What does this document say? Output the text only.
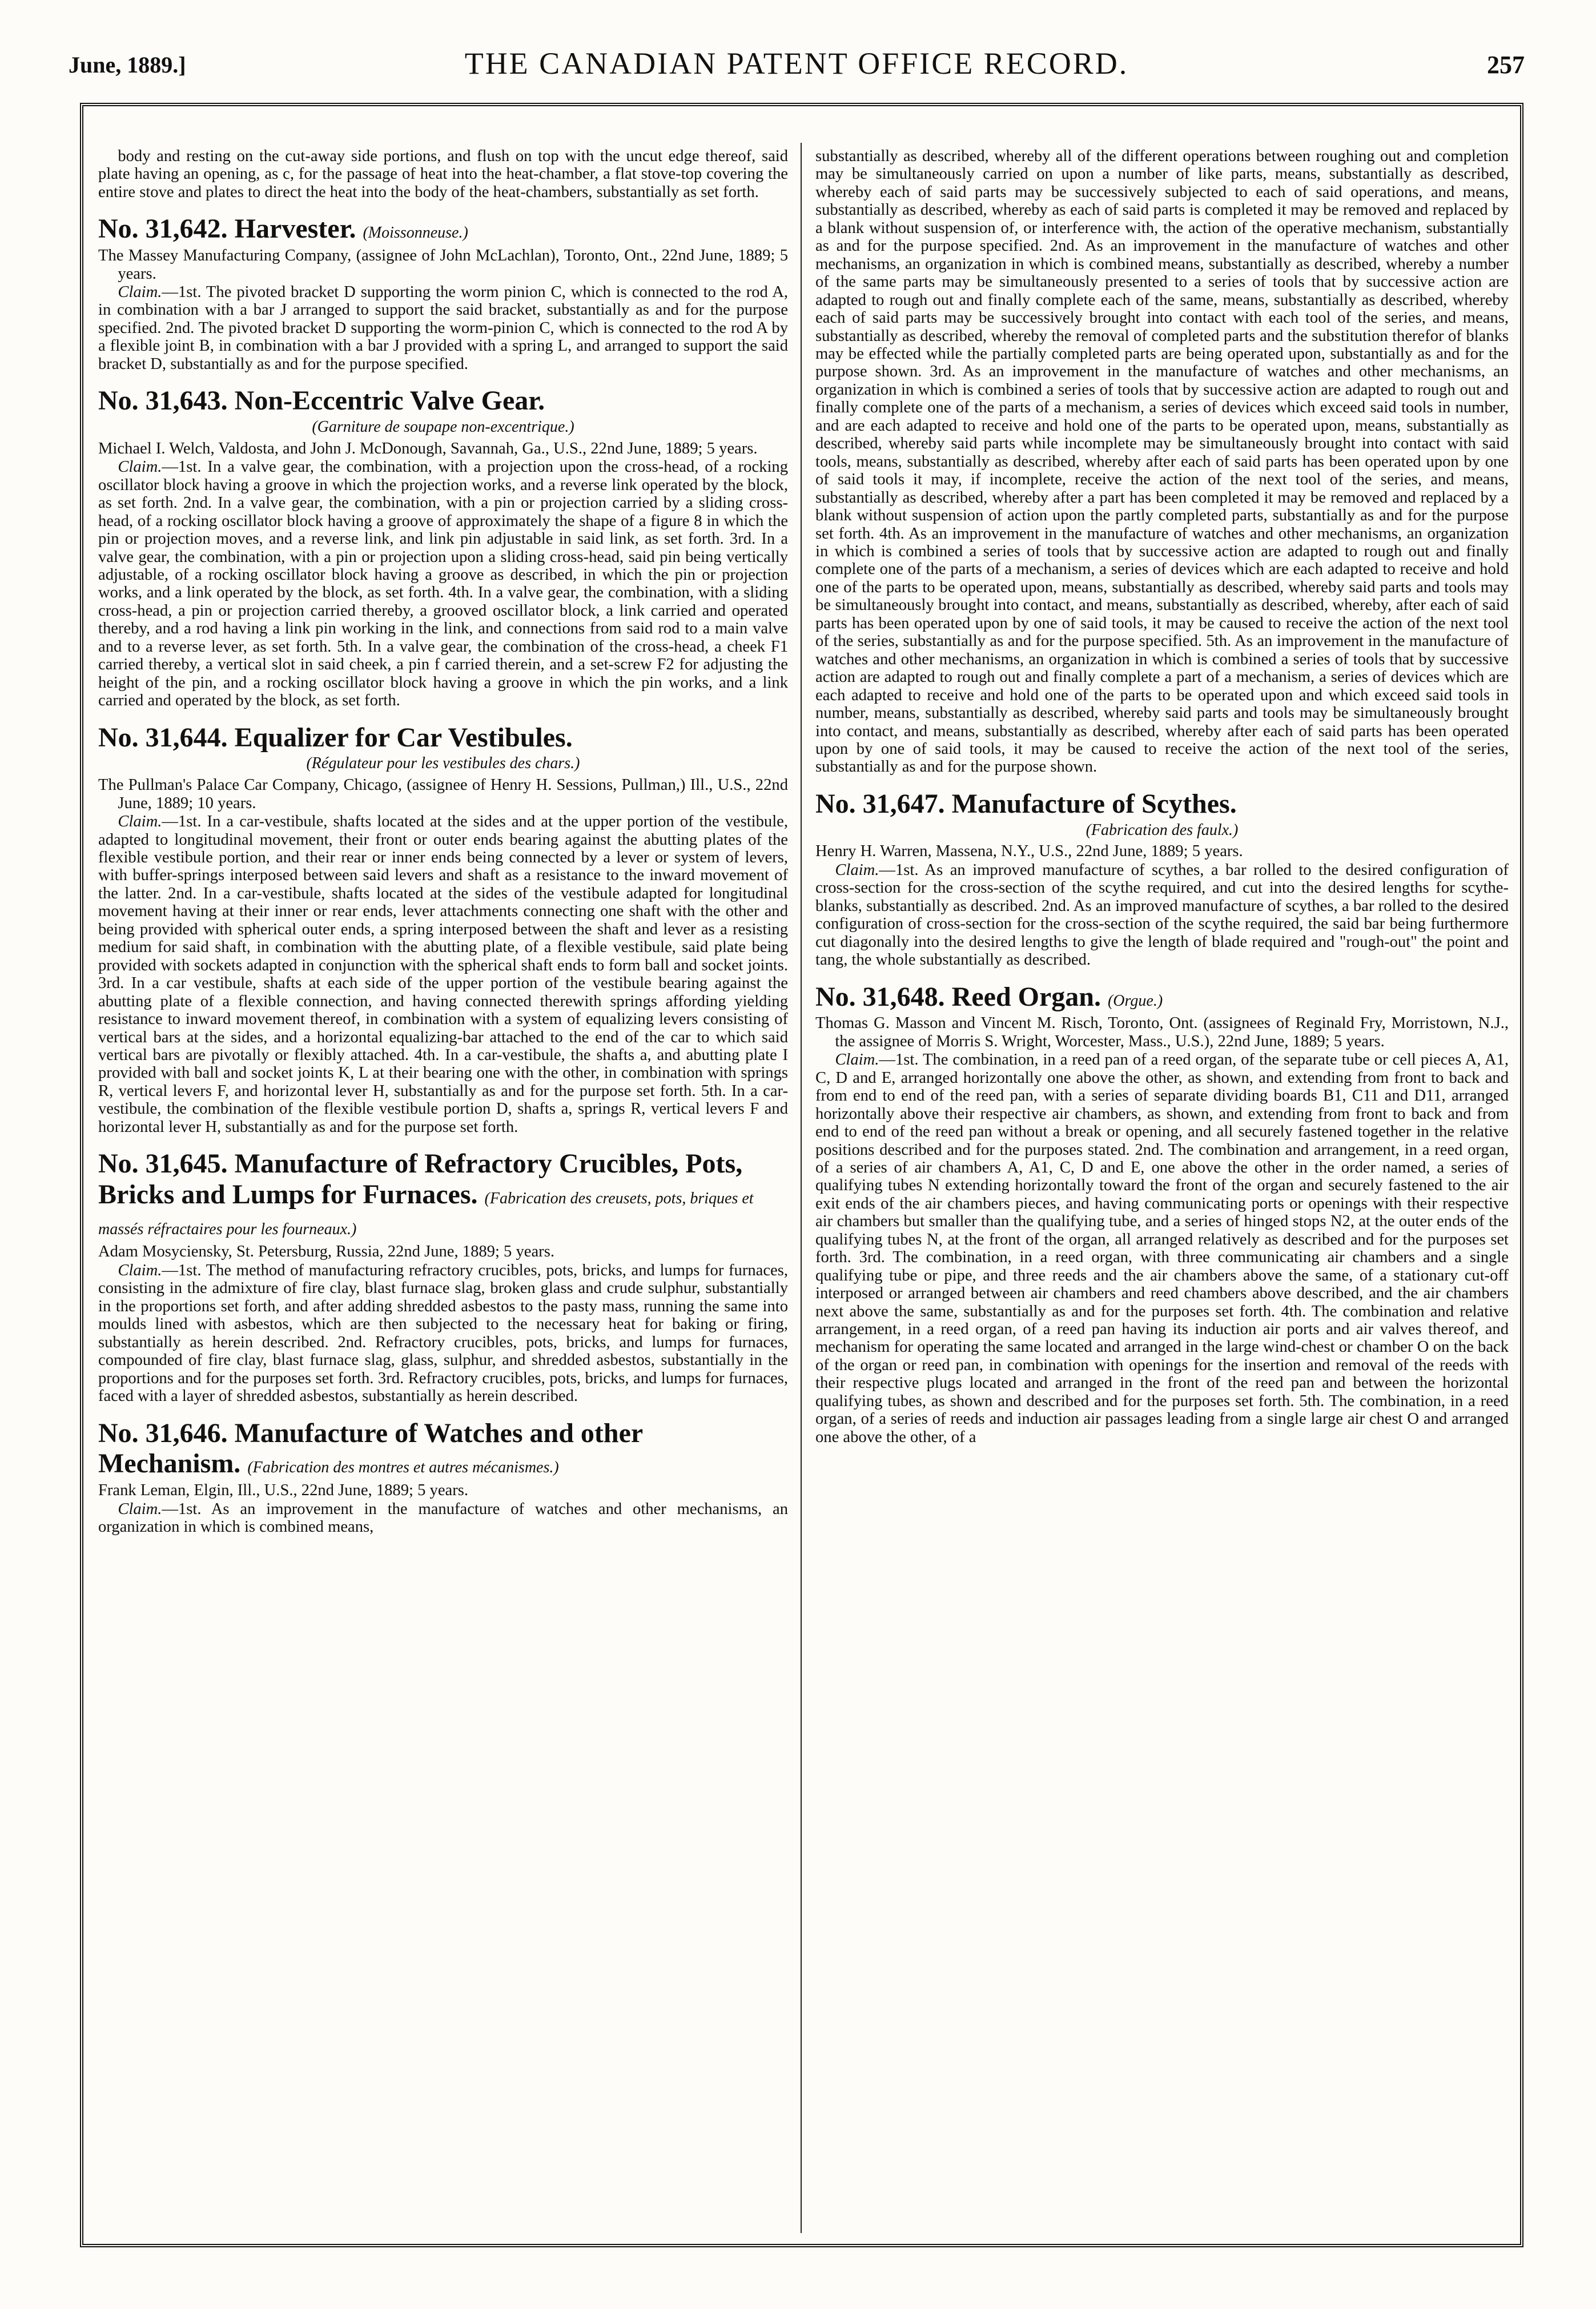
June, 1889.]	THE CANADIAN PATENT OFFICE RECORD.	257

body and resting on the cut-away side portions, and flush on top with the uncut edge thereof, said plate having an opening, as c, for the passage of heat into the heat-chamber, a flat stove-top covering the entire stove and plates to direct the heat into the body of the heat-chambers, substantially as set forth.

No. 31,642. Harvester. (Moissonneuse.)

The Massey Manufacturing Company, (assignee of John McLachlan), Toronto, Ont., 22nd June, 1889; 5 years.

Claim.—1st. The pivoted bracket D supporting the worm pinion C, which is connected to the rod A, in combination with a bar J arranged to support the said bracket, substantially as and for the purpose specified. 2nd. The pivoted bracket D supporting the worm-pinion C, which is connected to the rod A by a flexible joint B, in combination with a bar J provided with a spring L, and arranged to support the said bracket D, substantially as and for the purpose specified.

No. 31,643. Non-Eccentric Valve Gear.

(Garniture de soupape non-excentrique.)

Michael I. Welch, Valdosta, and John J. McDonough, Savannah, Ga., U.S., 22nd June, 1889; 5 years.

Claim.—1st. In a valve gear, the combination, with a projection upon the cross-head, of a rocking oscillator block having a groove in which the projection works, and a reverse link operated by the block, as set forth. 2nd. In a valve gear, the combination, with a pin or projection carried by a sliding cross-head, of a rocking oscillator block having a groove of approximately the shape of a figure 8 in which the pin or projection moves, and a reverse link, and link pin adjustable in said link, as set forth. 3rd. In a valve gear, the combination, with a pin or projection upon a sliding cross-head, said pin being vertically adjustable, of a rocking oscillator block having a groove as described, in which the pin or projection works, and a link operated by the block, as set forth. 4th. In a valve gear, the combination, with a sliding cross-head, a pin or projection carried thereby, a grooved oscillator block, a link carried and operated thereby, and a rod having a link pin working in the link, and connections from said rod to a main valve and to a reverse lever, as set forth. 5th. In a valve gear, the combination of the cross-head, a cheek F1 carried thereby, a vertical slot in said cheek, a pin f carried therein, and a set-screw F2 for adjusting the height of the pin, and a rocking oscillator block having a groove in which the pin works, and a link carried and operated by the block, as set forth.

No. 31,644. Equalizer for Car Vestibules.

(Régulateur pour les vestibules des chars.)

The Pullman's Palace Car Company, Chicago, (assignee of Henry H. Sessions, Pullman,) Ill., U.S., 22nd June, 1889; 10 years.

Claim.—1st. In a car-vestibule, shafts located at the sides and at the upper portion of the vestibule, adapted to longitudinal movement, their front or outer ends bearing against the abutting plates of the flexible vestibule portion, and their rear or inner ends being connected by a lever or system of levers, with buffer-springs interposed between said levers and shaft as a resistance to the inward movement of the latter. 2nd. In a car-vestibule, shafts located at the sides of the vestibule adapted for longitudinal movement having at their inner or rear ends, lever attachments connecting one shaft with the other and being provided with spherical outer ends, a spring interposed between the shaft and lever as a resisting medium for said shaft, in combination with the abutting plate, of a flexible vestibule, said plate being provided with sockets adapted in conjunction with the spherical shaft ends to form ball and socket joints. 3rd. In a car vestibule, shafts at each side of the upper portion of the vestibule bearing against the abutting plate of a flexible connection, and having connected therewith springs affording yielding resistance to inward movement thereof, in combination with a system of equalizing levers consisting of vertical bars at the sides, and a horizontal equalizing-bar attached to the end of the car to which said vertical bars are pivotally or flexibly attached. 4th. In a car-vestibule, the shafts a, and abutting plate I provided with ball and socket joints K, L at their bearing one with the other, in combination with springs R, vertical levers F, and horizontal lever H, substantially as and for the purpose set forth. 5th. In a car-vestibule, the combination of the flexible vestibule portion D, shafts a, springs R, vertical levers F and horizontal lever H, substantially as and for the purpose set forth.

No. 31,645. Manufacture of Refractory Crucibles, Pots, Bricks and Lumps for Furnaces. (Fabrication des creusets, pots, briques et massés réfractaires pour les fourneaux.)

Adam Mosyciensky, St. Petersburg, Russia, 22nd June, 1889; 5 years.

Claim.—1st. The method of manufacturing refractory crucibles, pots, bricks, and lumps for furnaces, consisting in the admixture of fire clay, blast furnace slag, broken glass and crude sulphur, substantially in the proportions set forth, and after adding shredded asbestos to the pasty mass, running the same into moulds lined with asbestos, which are then subjected to the necessary heat for baking or firing, substantially as herein described. 2nd. Refractory crucibles, pots, bricks, and lumps for furnaces, compounded of fire clay, blast furnace slag, glass, sulphur, and shredded asbestos, substantially in the proportions and for the purposes set forth. 3rd. Refractory crucibles, pots, bricks, and lumps for furnaces, faced with a layer of shredded asbestos, substantially as herein described.

No. 31,646. Manufacture of Watches and other Mechanism. (Fabrication des montres et autres mécanismes.)

Frank Leman, Elgin, Ill., U.S., 22nd June, 1889; 5 years.

Claim.—1st. As an improvement in the manufacture of watches and other mechanisms, an organization in which is combined means,

substantially as described, whereby all of the different operations between roughing out and completion may be simultaneously carried on upon a number of like parts, means, substantially as described, whereby each of said parts may be successively subjected to each of said operations, and means, substantially as described, whereby as each of said parts is completed it may be removed and replaced by a blank without suspension of, or interference with, the action of the operative mechanism, substantially as and for the purpose specified. 2nd. As an improvement in the manufacture of watches and other mechanisms, an organization in which is combined means, substantially as described, whereby a number of the same parts may be simultaneously presented to a series of tools that by successive action are adapted to rough out and finally complete each of the same, means, substantially as described, whereby each of said parts may be successively brought into contact with each tool of the series, and means, substantially as described, whereby the removal of completed parts and the substitution therefor of blanks may be effected while the partially completed parts are being operated upon, substantially as and for the purpose shown. 3rd. As an improvement in the manufacture of watches and other mechanisms, an organization in which is combined a series of tools that by successive action are adapted to rough out and finally complete one of the parts of a mechanism, a series of devices which exceed said tools in number, and are each adapted to receive and hold one of the parts to be operated upon, means, substantially as described, whereby said parts while incomplete may be simultaneously brought into contact with said tools, means, substantially as described, whereby after each of said parts has been operated upon by one of said tools it may, if incomplete, receive the action of the next tool of the series, and means, substantially as described, whereby after a part has been completed it may be removed and replaced by a blank without suspension of action upon the partly completed parts, substantially as and for the purpose set forth. 4th. As an improvement in the manufacture of watches and other mechanisms, an organization in which is combined a series of tools that by successive action are adapted to rough out and finally complete one of the parts of a mechanism, a series of devices which are each adapted to receive and hold one of the parts to be operated upon, means, substantially as described, whereby said parts and tools may be simultaneously brought into contact, and means, substantially as described, whereby, after each of said parts has been operated upon by one of said tools, it may be caused to receive the action of the next tool of the series, substantially as and for the purpose specified. 5th. As an improvement in the manufacture of watches and other mechanisms, an organization in which is combined a series of tools that by successive action are adapted to rough out and finally complete a part of a mechanism, a series of devices which are each adapted to receive and hold one of the parts to be operated upon and which exceed said tools in number, means, substantially as described, whereby said parts and tools may be simultaneously brought into contact, and means, substantially as described, whereby after each of said parts has been operated upon by one of said tools, it may be caused to receive the action of the next tool of the series, substantially as and for the purpose shown.

No. 31,647. Manufacture of Scythes.

(Fabrication des faulx.)

Henry H. Warren, Massena, N.Y., U.S., 22nd June, 1889; 5 years.

Claim.—1st. As an improved manufacture of scythes, a bar rolled to the desired configuration of cross-section for the cross-section of the scythe required, and cut into the desired lengths for scythe-blanks, substantially as described. 2nd. As an improved manufacture of scythes, a bar rolled to the desired configuration of cross-section for the cross-section of the scythe required, the said bar being furthermore cut diagonally into the desired lengths to give the length of blade required and "rough-out" the point and tang, the whole substantially as described.

No. 31,648. Reed Organ. (Orgue.)

Thomas G. Masson and Vincent M. Risch, Toronto, Ont. (assignees of Reginald Fry, Morristown, N.J., the assignee of Morris S. Wright, Worcester, Mass., U.S.), 22nd June, 1889; 5 years.

Claim.—1st. The combination, in a reed pan of a reed organ, of the separate tube or cell pieces A, A1, C, D and E, arranged horizontally one above the other, as shown, and extending from front to back and from end to end of the reed pan, with a series of separate dividing boards B1, C11 and D11, arranged horizontally above their respective air chambers, as shown, and extending from front to back and from end to end of the reed pan without a break or opening, and all securely fastened together in the relative positions described and for the purposes stated. 2nd. The combination and arrangement, in a reed organ, of a series of air chambers A, A1, C, D and E, one above the other in the order named, a series of qualifying tubes N extending horizontally toward the front of the organ and securely fastened to the air exit ends of the air chambers pieces, and having communicating ports or openings with their respective air chambers but smaller than the qualifying tube, and a series of hinged stops N2, at the outer ends of the qualifying tubes N, at the front of the organ, all arranged relatively as described and for the purposes set forth. 3rd. The combination, in a reed organ, with three communicating air chambers and a single qualifying tube or pipe, and three reeds and the air chambers above the same, of a stationary cut-off interposed or arranged between air chambers and reed chambers above described, and the air chambers next above the same, substantially as and for the purposes set forth. 4th. The combination and relative arrangement, in a reed organ, of a reed pan having its induction air ports and air valves thereof, and mechanism for operating the same located and arranged in the large wind-chest or chamber O on the back of the organ or reed pan, in combination with openings for the insertion and removal of the reeds with their respective plugs located and arranged in the front of the reed pan and between the horizontal qualifying tubes, as shown and described and for the purposes set forth. 5th. The combination, in a reed organ, of a series of reeds and induction air passages leading from a single large air chest O and arranged one above the other, of a
